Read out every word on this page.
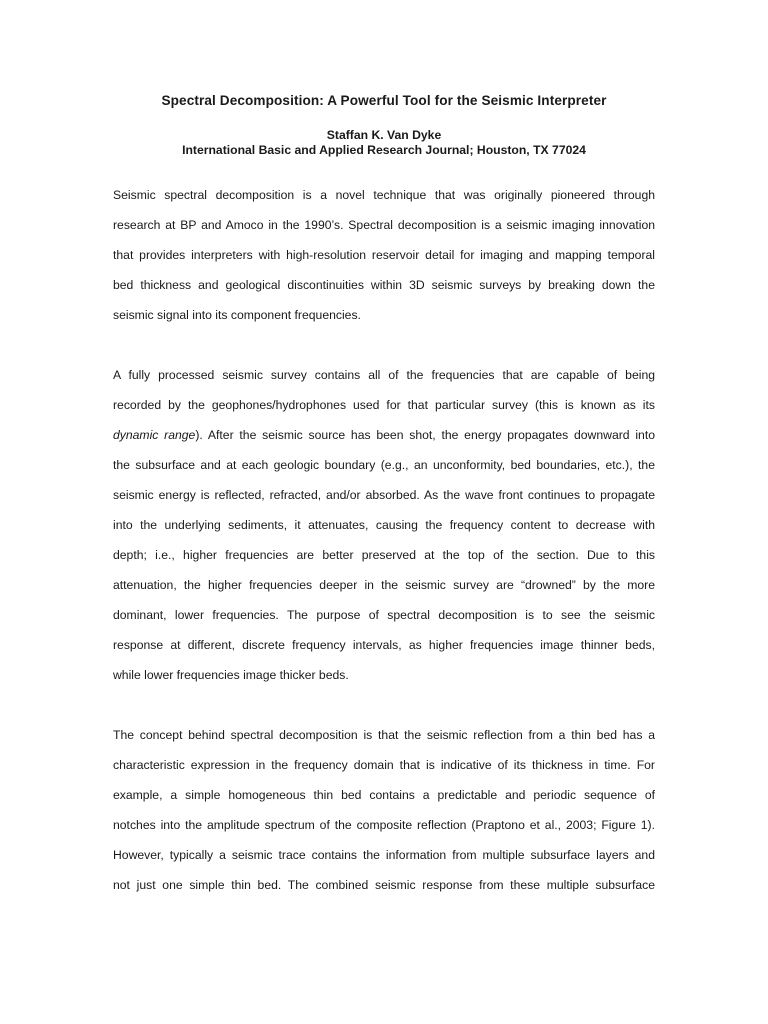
Spectral Decomposition: A Powerful Tool for the Seismic Interpreter

Staffan K. Van Dyke

International Basic and Applied Research Journal; Houston, TX 77024

Seismic spectral decomposition is a novel technique that was originally pioneered through
research at BP and Amoco in the 1990’s. Spectral decomposition is a seismic imaging innovation
that provides interpreters with high-resolution reservoir detail for imaging and mapping temporal
bed thickness and geological discontinuities within 3D seismic surveys by breaking down the
seismic signal into its component frequencies.
A fully processed seismic survey contains all of the frequencies that are capable of being
recorded by the geophones/hydrophones used for that particular survey (this is known as its
dynamic range). After the seismic source has been shot, the energy propagates downward into
the subsurface and at each geologic boundary (e.g., an unconformity, bed boundaries, etc.), the
seismic energy is reflected, refracted, and/or absorbed. As the wave front continues to propagate
into the underlying sediments, it attenuates, causing the frequency content to decrease with
depth; i.e., higher frequencies are better preserved at the top of the section. Due to this
attenuation, the higher frequencies deeper in the seismic survey are “drowned” by the more
dominant, lower frequencies. The purpose of spectral decomposition is to see the seismic
response at different, discrete frequency intervals, as higher frequencies image thinner beds,
while lower frequencies image thicker beds.
The concept behind spectral decomposition is that the seismic reflection from a thin bed has a
characteristic expression in the frequency domain that is indicative of its thickness in time. For
example, a simple homogeneous thin bed contains a predictable and periodic sequence of
notches into the amplitude spectrum of the composite reflection (Praptono et al., 2003; Figure 1).
However, typically a seismic trace contains the information from multiple subsurface layers and
not just one simple thin bed. The combined seismic response from these multiple subsurface
